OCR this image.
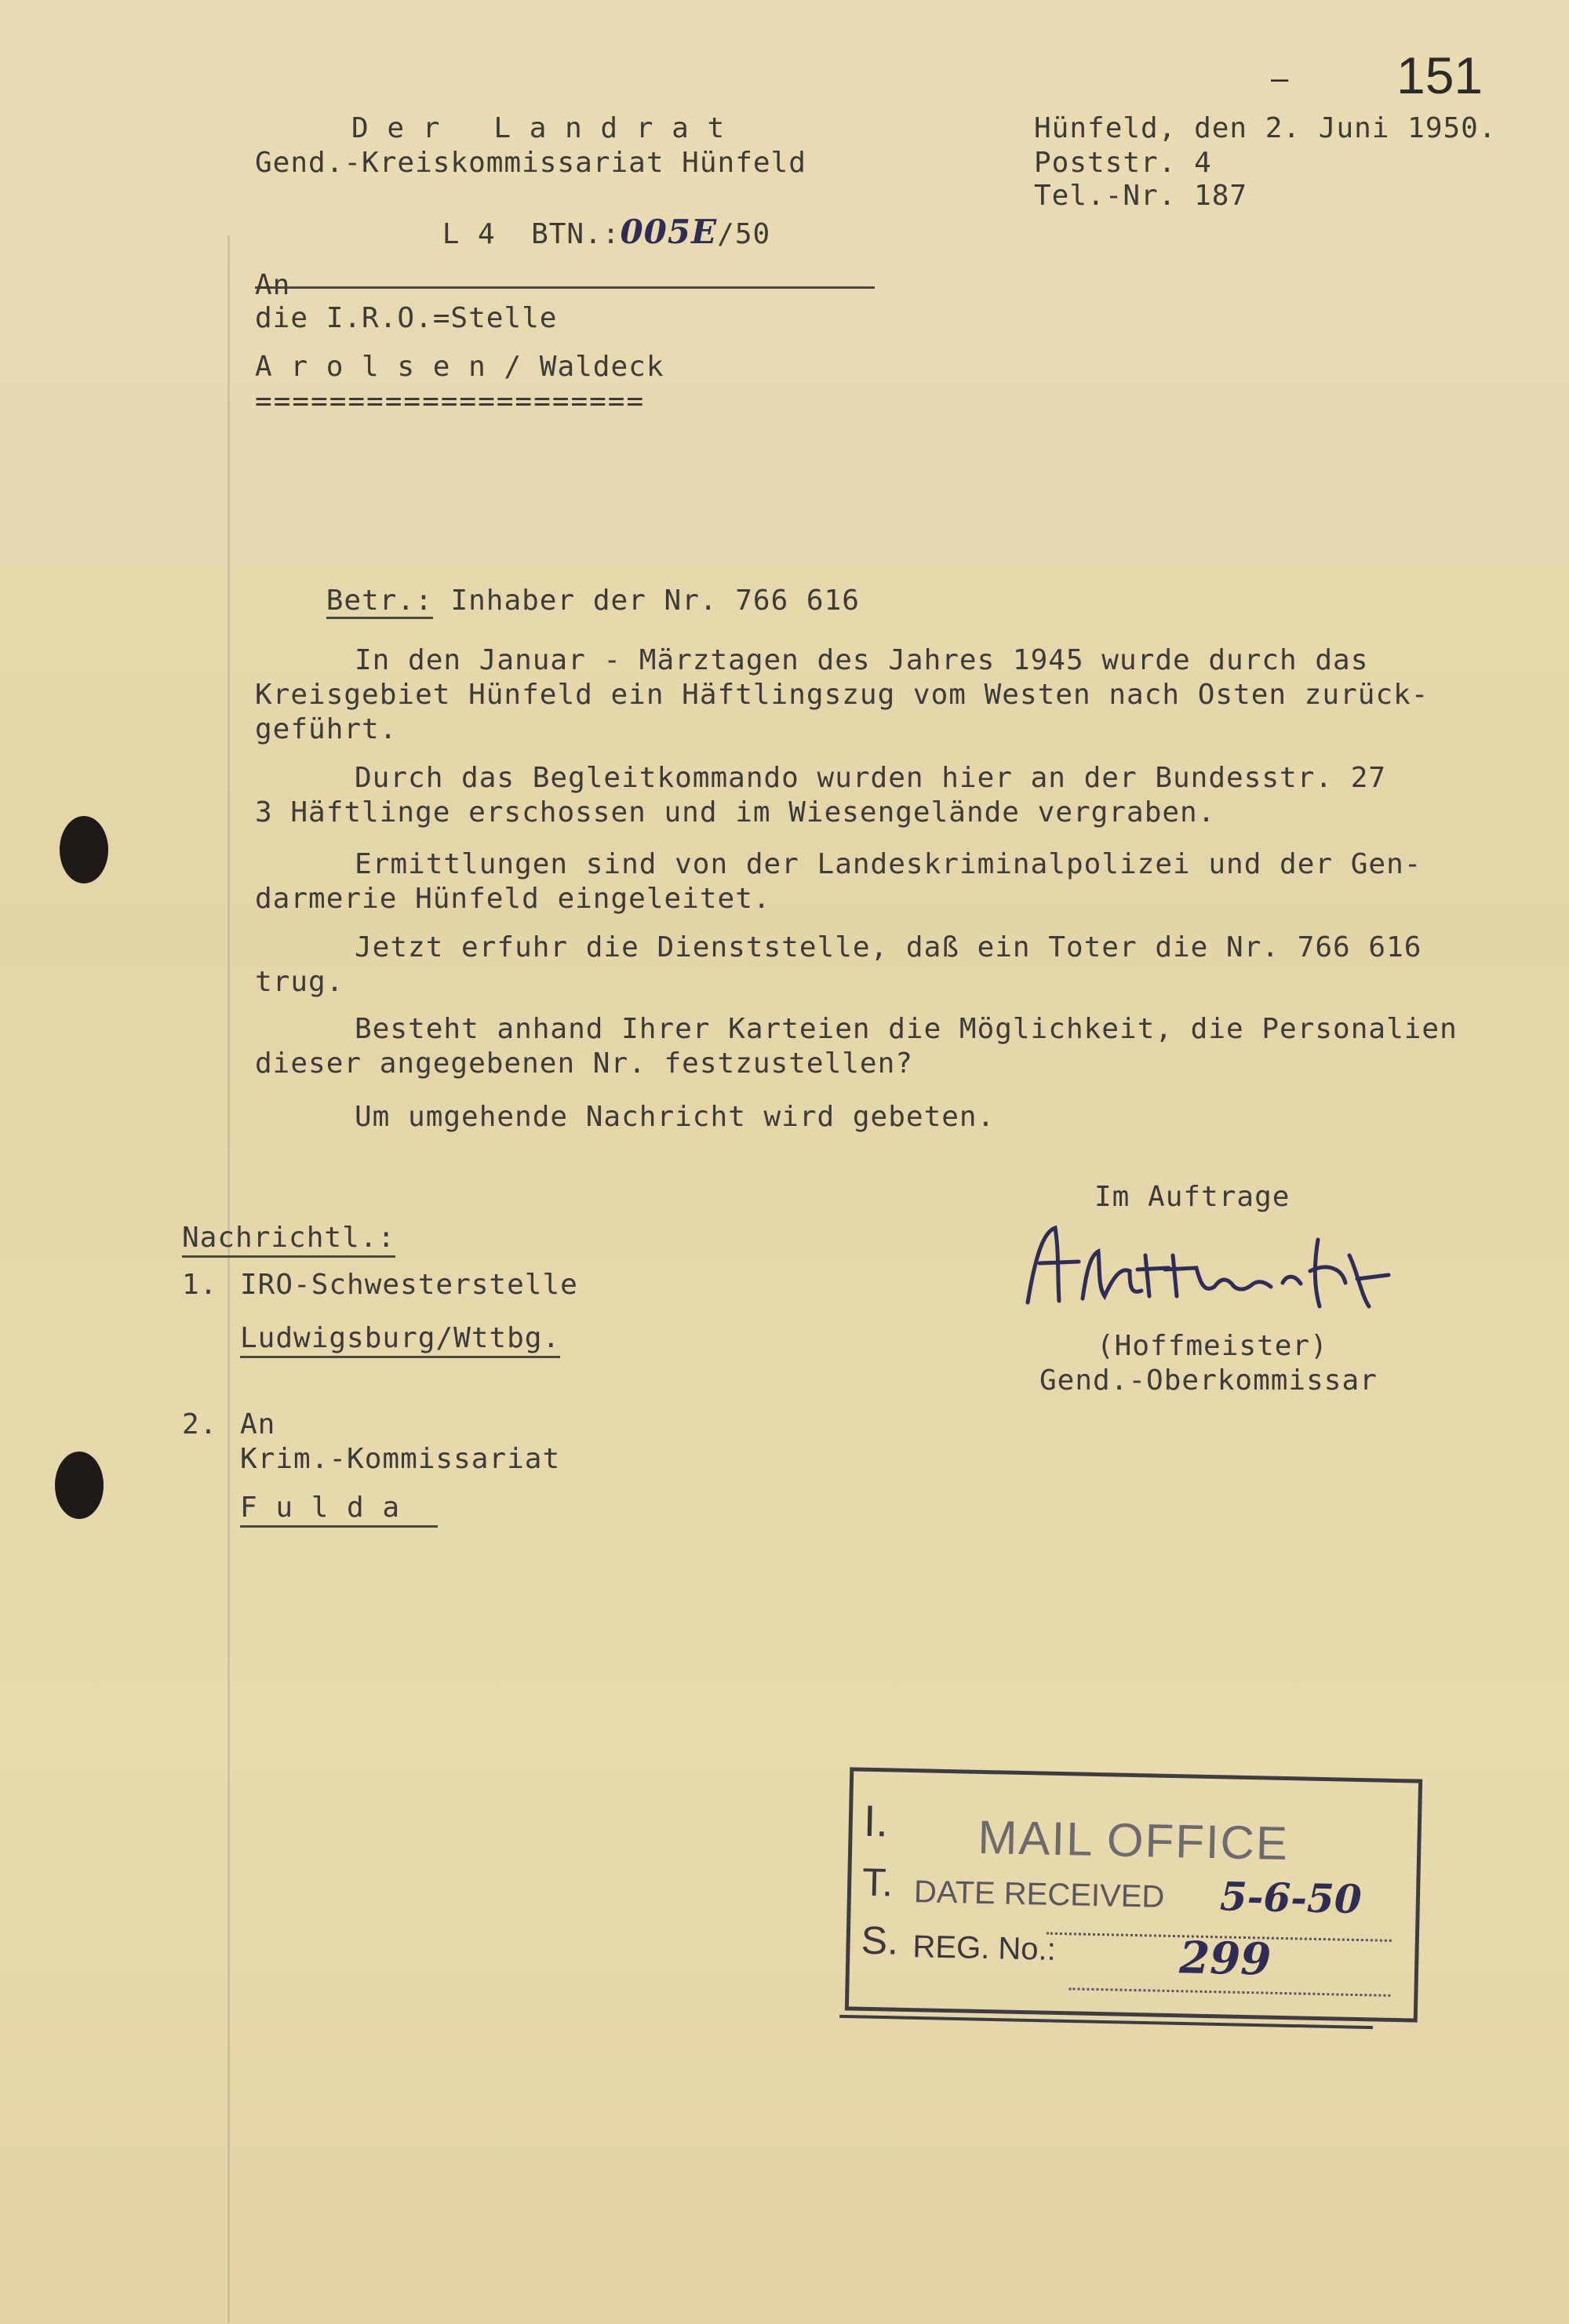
– 151
D e r   L a n d r a t
Gend.-Kreiskommissariat Hünfeld

L 4  BTN.:005E/50

Hünfeld, den 2. Juni 1950.
Poststr. 4
Tel.-Nr. 187
An
die I.R.O.=Stelle
A r o l s e n / Waldeck
=====================

Betr.: Inhaber der Nr. 766 616

In den Januar - Märztagen des Jahres 1945 wurde durch das
Kreisgebiet Hünfeld ein Häftlingszug vom Westen nach Osten zurück-
geführt.
Durch das Begleitkommando wurden hier an der Bundesstr. 27
3 Häftlinge erschossen und im Wiesengelände vergraben.
Ermittlungen sind von der Landeskriminalpolizei und der Gen-
darmerie Hünfeld eingeleitet.
Jetzt erfuhr die Dienststelle, daß ein Toter die Nr. 766 616
trug.
Besteht anhand Ihrer Karteien die Möglichkeit, die Personalien
dieser angegebenen Nr. festzustellen?
Um umgehende Nachricht wird gebeten.
Im Auftrage
(Hoffmeister)
Gend.-Oberkommissar
Nachrichtl.:
1. IRO-Schwesterstelle
Ludwigsburg/Wttbg.
2. An
Krim.-Kommissariat
F u l d a
I.
T.
S.
MAIL OFFICE
DATE RECEIVED 5-6-50
REG. No.:	299
